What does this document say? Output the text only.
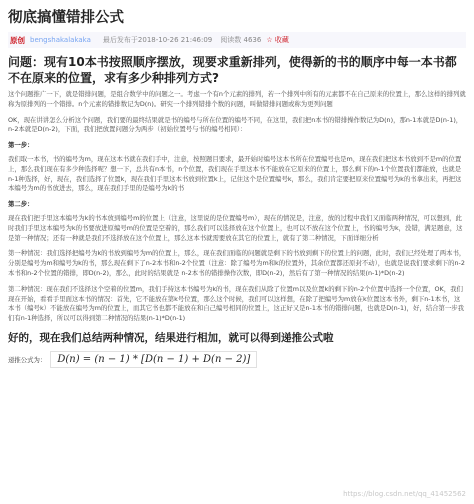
彻底搞懂错排公式
原创 bengshakalakaka 最后发布于2018-10-26 21:46:09 阅读数 4636 ☆ 收藏
问题：现有10本书按照顺序摆放，现要求重新排列，使得新的书的顺序中每一本书都不在原来的位置，求有多少种排列方式?

这个问题推广一下，就是错排问题，是组合数学中的问题之一。考虑一个有n个元素的排列，若一个排列中所有的元素都不在自己原来的位置上，那么这样的排列就称为原排列的一个错排。n个元素的错排数记为D(n)。研究一个排列错排个数的问题，叫做错排问题或称为更列问题

OK，现在讲讲怎么分析这个问题，我们要的最终结果就是书的编号与所在位置的编号不同，在这里，我们把n本书的错排操作数记为D(n)，那n-1本就是D(n-1)，n-2本就是D(n-2)，下面，我们把放置问题分为两步（初始位置号与书的编号相同）：

第一步：

我们取一本书，书的编号为m，现在这本书就在我们手中，注意，按照题目要求，最开始时编号这本书所在位置编号也是m，现在我们把这本书放到不是m的位置上，那么我们现在有多少种选择呢？想一下，总共有n本书，n个位置，我们现在手里这本书不能放在它原来的位置上，那么剩下的n-1个位置我们都能放，也就是n-1种选择，好，现在，我们选择了位置k，现在我们手里这本书放到位置k上，记住这个是位置编号k，那么，我们肯定要把原来位置编号为k的书拿出来，再把这本编号为m的书放进去，那么，现在我们手里的是编号为k的书

第二步：

现在我们把手里这本编号为k的书本放到编号m的位置上（注意，这里说的是位置编号m），现在的情况是，注意，放的过程中我们又面临两种情况，可以想到，此时我们手里这本编号为k的书要放进原编号m的位置是空着的，那么我们可以选择放在这个位置上，也可以不放在这个位置上，书的编号为k，没错，满足题意，这是第一种情况；还有一种就是我们不选择放在这个位置上，那么这本书就需要放在其它的位置上，就有了第二种情况，下面详细分析

第一种情况：我们选择把编号为k的书放到编号为m的位置上，那么，现在我们面临的问题就是剩下的书放到剩下的位置上的问题，此时，我们已经处理了两本书，分别是编号为m和编号为k的书，那么现在剩下了n-2本书和n-2个位置（注意：除了编号为m和k的位置外，其余位置都还原封不动），也就是说我们要求剩下的n-2本书和n-2个位置的错排，即D(n-2)，那么，此时的结果就是 n-2本书的错排操作次数，即D(n-2)，然后有了第一种情况的结果(n-1)*D(n-2)

第二种情况：现在我们不选择这个空着的位置m，我们手持这本书编号为k的书，现在我们从除了位置m以及位置k的剩下的n-2个位置中选择一个位置，OK，我们现在开始，看看手里面这本书的情况：首先，它不能放在第k号位置，那么这个时候，我们可以这样想，在除了把编号为m放在k位置这本书外，剩下n-1本书，这本书（编号k）不能放在编号为m的位置上，而其它书也都不能放在和自己编号相同的位置上，这正好又是n-1本书的错排问题，也就是D(n-1)，好，结合第一步我们有n-1种选择，所以可以得到第二种情况的结果(n-1)*D(n-1)

好的，现在我们总结两种情况，结果进行相加，就可以得到递推公式啦
递推公式为：	D(n) = (n − 1) * [D(n − 1) + D(n − 2)]
https://blog.csdn.net/qq_41452562
